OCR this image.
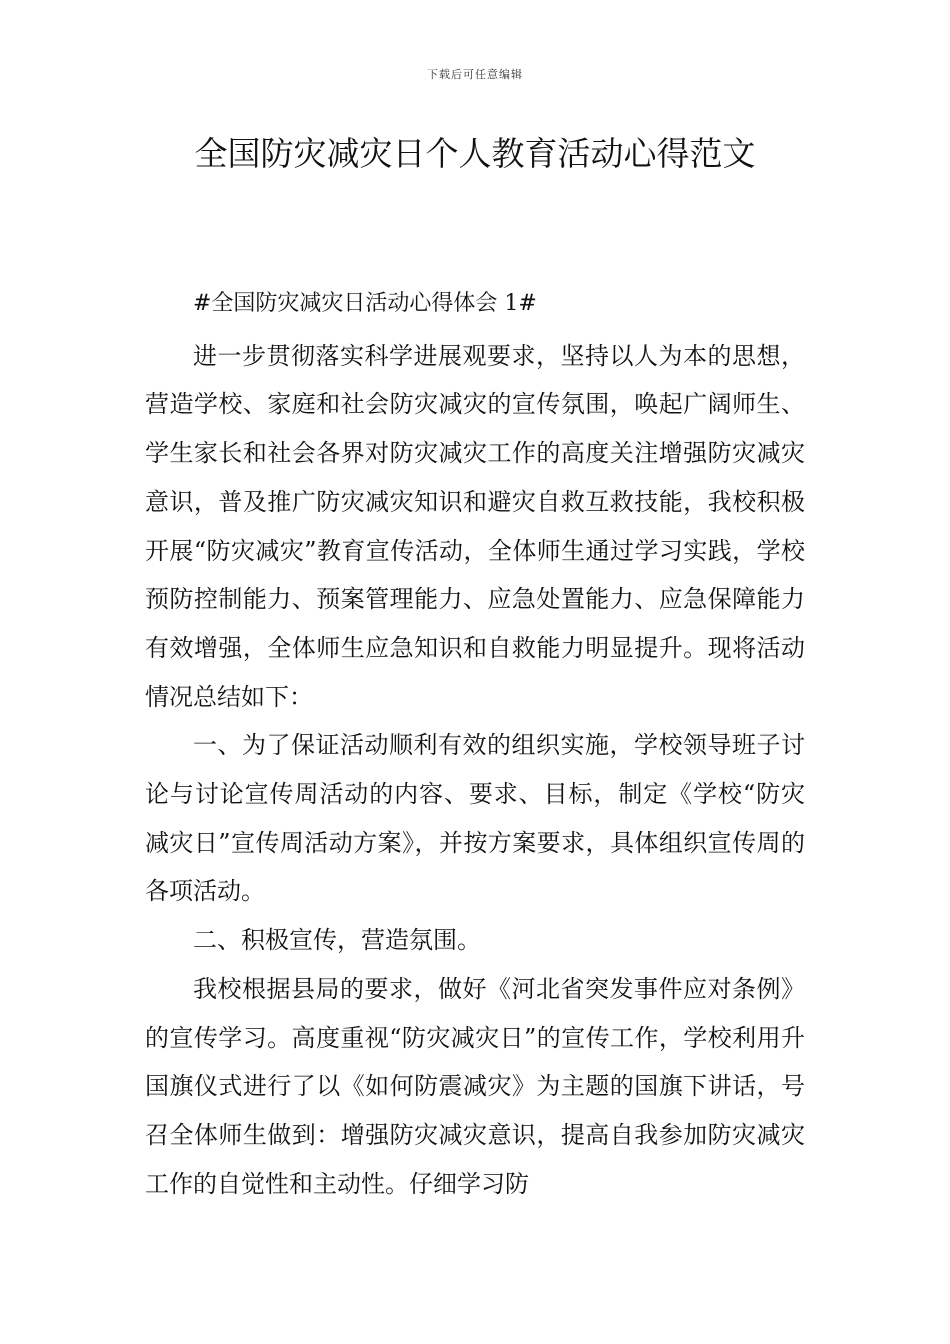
下载后可任意编辑
全国防灾减灾日个人教育活动心得范文

#全国防灾减灾日活动心得体会 1#

进一步贯彻落实科学进展观要求，坚持以人为本的思想，营造学校、家庭和社会防灾减灾的宣传氛围，唤起广阔师生、学生家长和社会各界对防灾减灾工作的高度关注增强防灾减灾意识，普及推广防灾减灾知识和避灾自救互救技能，我校积极开展“防灾减灾”教育宣传活动，全体师生通过学习实践，学校预防控制能力、预案管理能力、应急处置能力、应急保障能力有效增强，全体师生应急知识和自救能力明显提升。现将活动情况总结如下：

一、为了保证活动顺利有效的组织实施，学校领导班子讨论与讨论宣传周活动的内容、要求、目标，制定《学校“防灾减灾日”宣传周活动方案》，并按方案要求，具体组织宣传周的各项活动。

二、积极宣传，营造氛围。

我校根据县局的要求，做好《河北省突发事件应对条例》的宣传学习。高度重视“防灾减灾日”的宣传工作，学校利用升国旗仪式进行了以《如何防震减灾》为主题的国旗下讲话，号召全体师生做到：增强防灾减灾意识，提高自我参加防灾减灾工作的自觉性和主动性。仔细学习防
